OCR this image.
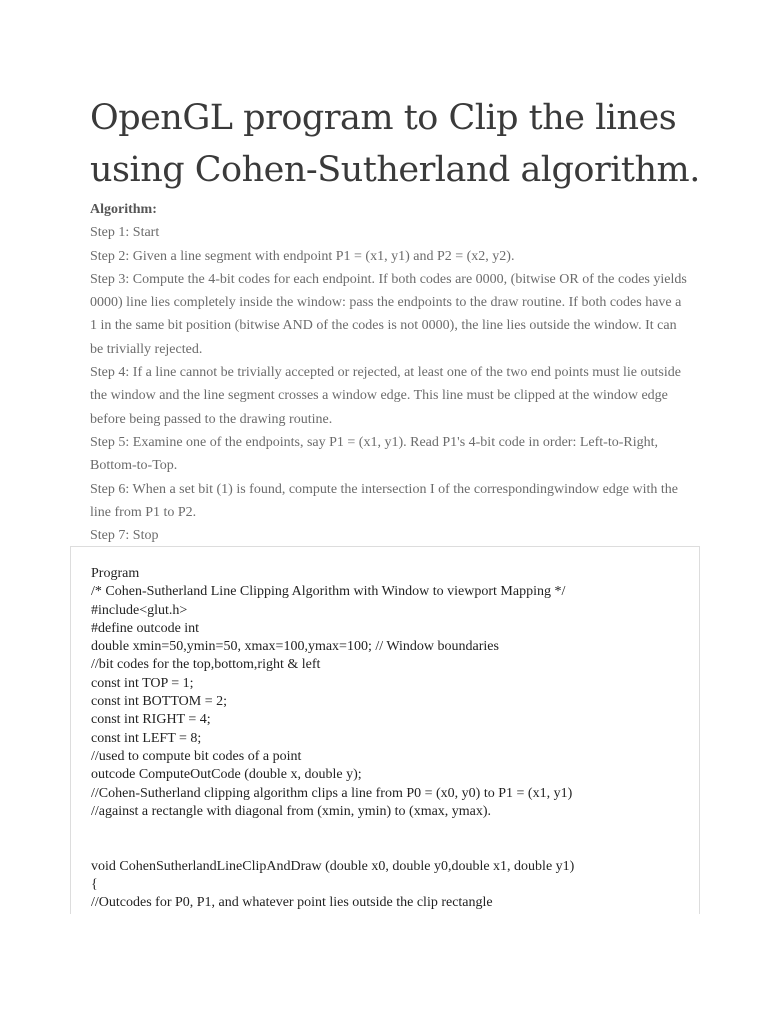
OpenGL program to Clip the lines using Cohen-Sutherland algorithm.

Algorithm:

Step 1: Start

Step 2: Given a line segment with endpoint P1 = (x1, y1) and P2 = (x2, y2).

Step 3: Compute the 4-bit codes for each endpoint. If both codes are 0000, (bitwise OR of the codes yields 0000) line lies completely inside the window: pass the endpoints to the draw routine. If both codes have a 1 in the same bit position (bitwise AND of the codes is not 0000), the line lies outside the window. It can be trivially rejected.

Step 4: If a line cannot be trivially accepted or rejected, at least one of the two end points must lie outside the window and the line segment crosses a window edge. This line must be clipped at the window edge before being passed to the drawing routine.

Step 5: Examine one of the endpoints, say P1 = (x1, y1). Read P1's 4-bit code in order: Left-to-Right, Bottom-to-Top.

Step 6: When a set bit (1) is found, compute the intersection I of the correspondingwindow edge with the line from P1 to P2.

Step 7: Stop

Program
/* Cohen-Sutherland Line Clipping Algorithm with Window to viewport Mapping */
#include<glut.h>
#define outcode int
double xmin=50,ymin=50, xmax=100,ymax=100; // Window boundaries
//bit codes for the top,bottom,right & left
const int TOP = 1;
const int BOTTOM = 2;
const int RIGHT = 4;
const int LEFT = 8;
//used to compute bit codes of a point
outcode ComputeOutCode (double x, double y);
//Cohen-Sutherland clipping algorithm clips a line from P0 = (x0, y0) to P1 = (x1, y1)
//against a rectangle with diagonal from (xmin, ymin) to (xmax, ymax).
void CohenSutherlandLineClipAndDraw (double x0, double y0,double x1, double y1)
{
//Outcodes for P0, P1, and whatever point lies outside the clip rectangle
